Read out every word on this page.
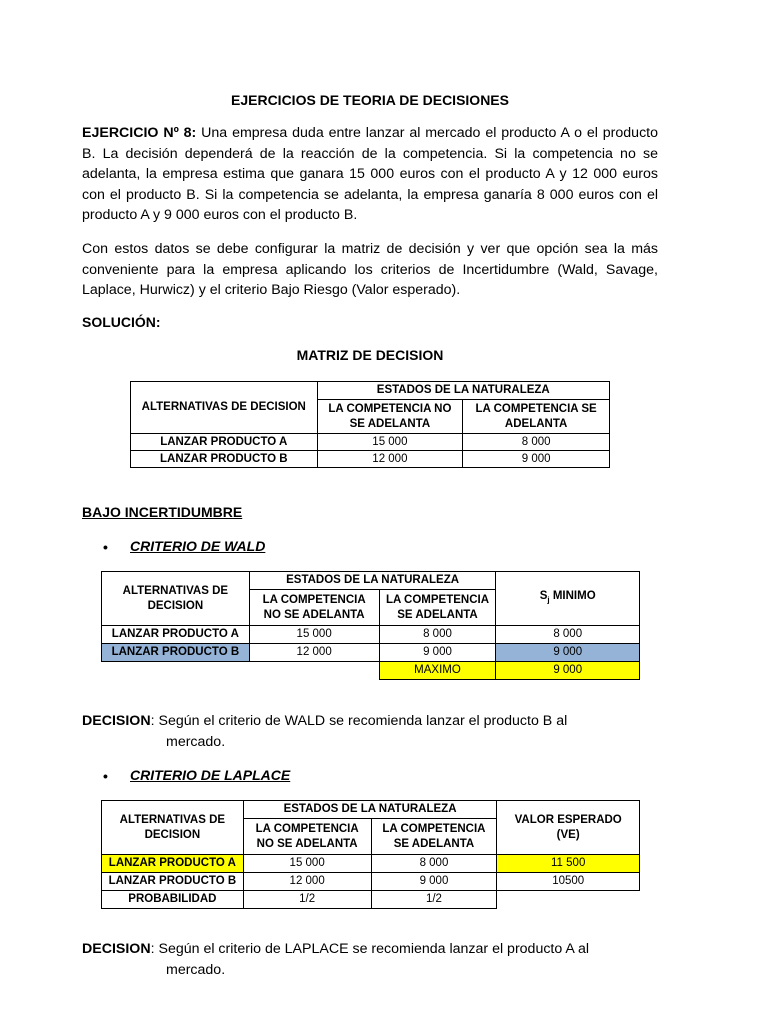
EJERCICIOS DE TEORIA DE DECISIONES

EJERCICIO Nº 8: Una empresa duda entre lanzar al mercado el producto A o el producto B. La decisión dependerá de la reacción de la competencia. Si la competencia no se adelanta, la empresa estima que ganara 15 000 euros con el producto A y 12 000 euros con el producto B. Si la competencia se adelanta, la empresa ganaría 8 000 euros con el producto A y 9 000 euros con el producto B.

Con estos datos se debe configurar la matriz de decisión y ver que opción sea la más conveniente para la empresa aplicando los criterios de Incertidumbre (Wald, Savage, Laplace, Hurwicz) y el criterio Bajo Riesgo (Valor esperado).

SOLUCIÓN:

MATRIZ DE DECISION
ALTERNATIVAS DE DECISION	ESTADOS DE LA NATURALEZA	
	LA COMPETENCIA NO
SE ADELANTA	LA COMPETENCIA SE
ADELANTA
LANZAR PRODUCTO A	15 000	8 000
LANZAR PRODUCTO B	12 000	9 000

BAJO INCERTIDUMBRE

• CRITERIO DE WALD
ALTERNATIVAS DE
DECISION	ESTADOS DE LA NATURALEZA		$S_j$ MINIMO
	LA COMPETENCIA
NO SE ADELANTA	LA COMPETENCIA
SE ADELANTA	
LANZAR PRODUCTO A	15 000	8 000	8 000
LANZAR PRODUCTO B	12 000	9 000	9 000
		MAXIMO	9 000

DECISION: Según el criterio de WALD se recomienda lanzar el producto B al
mercado.

• CRITERIO DE LAPLACE
ALTERNATIVAS DE
DECISION	ESTADOS DE LA NATURALEZA		VALOR ESPERADO
(VE)
	LA COMPETENCIA
NO SE ADELANTA	LA COMPETENCIA
SE ADELANTA	
LANZAR PRODUCTO A	15 000	8 000	11 500
LANZAR PRODUCTO B	12 000	9 000	10500
PROBABILIDAD	1/2	1/2	

DECISION: Según el criterio de LAPLACE se recomienda lanzar el producto A al
mercado.
